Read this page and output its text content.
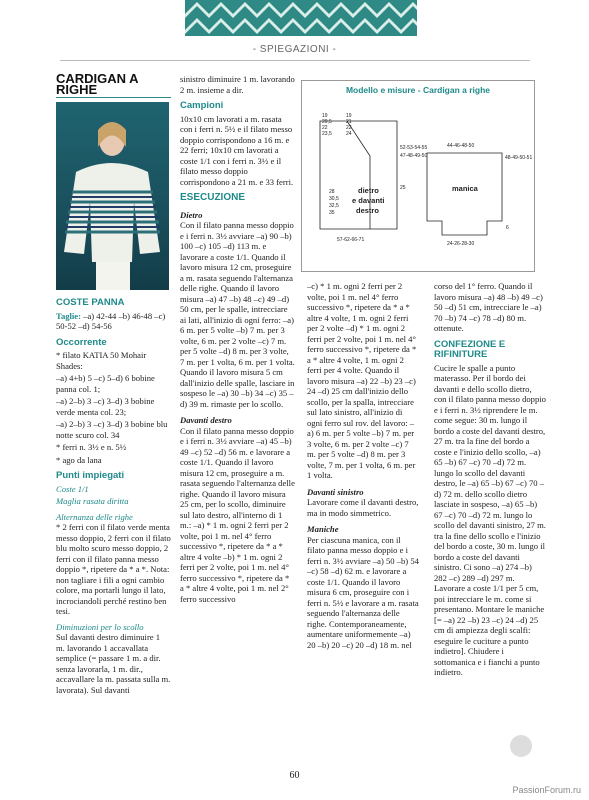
- SPIEGAZIONI -
CARDIGAN A RIGHE
COSTE PANNA

Taglie: –a) 42-44 –b) 46-48 –c) 50-52 –d) 54-56

Occorrente

* filato KATIA 50 Mohair Shades:

–a) 4+b) 5 –c) 5–d) 6 bobine panna col. 1;

–a) 2–b) 3 –c) 3–d) 3 bobine verde menta col. 23;

–a) 2–b) 3 –c) 3–d) 3 bobine blu notte scuro col. 34

* ferri n. 3½ e n. 5½

* ago da lana

Punti impiegati

Coste 1/1

Maglia rasata diritta

Alternanza delle righe

* 2 ferri con il filato verde menta messo doppio, 2 ferri con il filato blu molto scuro messo doppio, 2 ferri con il filato panna messo doppio *, ripetere da * a *. Nota: non tagliare i fili a ogni cambio colore, ma portarli lungo il lato, incrociandoli perché restino ben tesi.

Diminuzioni per lo scollo

Sul davanti destro diminuire 1 m. lavorando 1 accavallata semplice (= passare 1 m. a dir. senza lavorarla, 1 m. dir., accavallare la m. passata sulla m. lavorata). Sul davanti

sinistro diminuire 1 m. lavorando 2 m. insieme a dir.

Campioni

10x10 cm lavorati a m. rasata con i ferri n. 5½ e il filato messo doppio corrispondono a 16 m. e 22 ferri; 10x10 cm lavorati a coste 1/1 con i ferri n. 3½ e il filato messo doppio corrispondono a 21 m. e 33 ferri.

ESECUZIONE
Dietro

Con il filato panna messo doppio e i ferri n. 3½ avviare –a) 90 –b) 100 –c) 105 –d) 113 m. e lavorare a coste 1/1. Quando il lavoro misura 12 cm, proseguire a m. rasata seguendo l'alternanza delle righe. Quando il lavoro misura –a) 47 –b) 48 –c) 49 –d) 50 cm, per le spalle, intrecciare ai lati, all'inizio di ogni ferro: –a) 6 m. per 5 volte –b) 7 m. per 3 volte, 6 m. per 2 volte –c) 7 m. per 5 volte –d) 8 m. per 3 volte, 7 m. per 1 volta, 6 m. per 1 volta. Quando il lavoro misura 5 cm dall'inizio delle spalle, lasciare in sospeso le –a) 30 –b) 34 –c) 35 –d) 39 m. rimaste per lo scollo.

Davanti destro

Con il filato panna messo doppio e i ferri n. 3½ avviare –a) 45 –b) 49 –c) 52 –d) 56 m. e lavorare a coste 1/1. Quando il lavoro misura 12 cm, proseguire a m. rasata seguendo l'alternanza delle righe. Quando il lavoro misura 25 cm, per lo scollo, diminuire sul lato destro, all'interno di 1 m.: –a) * 1 m. ogni 2 ferri per 2 volte, poi 1 m. nel 4° ferro successivo *, ripetere da * a * altre 4 volte –b) * 1 m. ogni 2 ferri per 2 volte, poi 1 m. nel 4° ferro successivo *, ripetere da * a * altre 4 volte, poi 1 m. nel 2° ferro successivo

Modello e misure - Cardigan a righe
19
20,5
22
23,5
19
21
22
24
52-53-54-55
47-48-49-50
25
28
30,5
32,5
35
dietro
e davanti
destro
57-62-66-71
44-46-48-50
48-49-50-51
manica
6
24-26-28-30

–c) * 1 m. ogni 2 ferri per 2 volte, poi 1 m. nel 4° ferro successivo *, ripetere da * a * altre 4 volte, 1 m. ogni 2 ferri per 2 volte –d) * 1 m. ogni 2 ferri per 2 volte, poi 1 m. nel 4° ferro successivo *, ripetere da * a * altre 4 volte, 1 m. ogni 2 ferri per 4 volte. Quando il lavoro misura –a) 22 –b) 23 –c) 24 –d) 25 cm dall'inizio dello scollo, per la spalla, intrecciare sul lato sinistro, all'inizio di ogni ferro sul rov. del lavoro: –a) 6 m. per 5 volte –b) 7 m. per 3 volte, 6 m. per 2 volte –c) 7 m. per 5 volte –d) 8 m. per 3 volte, 7 m. per 1 volta, 6 m. per 1 volta.

Davanti sinistro

Lavorare come il davanti destro, ma in modo simmetrico.

Maniche

Per ciascuna manica, con il filato panna messo doppio e i ferri n. 3½ avviare –a) 50 –b) 54 –c) 58 –d) 62 m. e lavorare a coste 1/1. Quando il lavoro misura 6 cm, proseguire con i ferri n. 5½ e lavorare a m. rasata seguendo l'alternanza delle righe. Contemporaneamente, aumentare uniformemente –a) 20 –b) 20 –c) 20 –d) 18 m. nel

corso del 1° ferro. Quando il lavoro misura –a) 48 –b) 49 –c) 50 –d) 51 cm, intrecciare le –a) 70 –b) 74 –c) 78 –d) 80 m. ottenute.

CONFEZIONE E RIFINITURE

Cucire le spalle a punto materasso. Per il bordo dei davanti e dello scollo dietro, con il filato panna messo doppio e i ferri n. 3½ riprendere le m. come segue: 30 m. lungo il bordo a coste del davanti destro, 27 m. tra la fine del bordo a coste e l'inizio dello scollo, –a) 65 –b) 67 –c) 70 –d) 72 m. lungo lo scollo del davanti destro, le –a) 65 –b) 67 –c) 70 –d) 72 m. dello scollo dietro lasciate in sospeso, –a) 65 –b) 67 –c) 70 –d) 72 m. lungo lo scollo del davanti sinistro, 27 m. tra la fine dello scollo e l'inizio del bordo a coste, 30 m. lungo il bordo a coste del davanti sinistro. Ci sono –a) 274 –b) 282 –c) 289 –d) 297 m. Lavorare a coste 1/1 per 5 cm, poi intrecciare le m. come si presentano. Montare le maniche [= –a) 22 –b) 23 –c) 24 –d) 25 cm di ampiezza degli scalfi: eseguire le cuciture a punto indietro]. Chiudere i sottomanica e i fianchi a punto indietro.

60
PassionForum.ru
